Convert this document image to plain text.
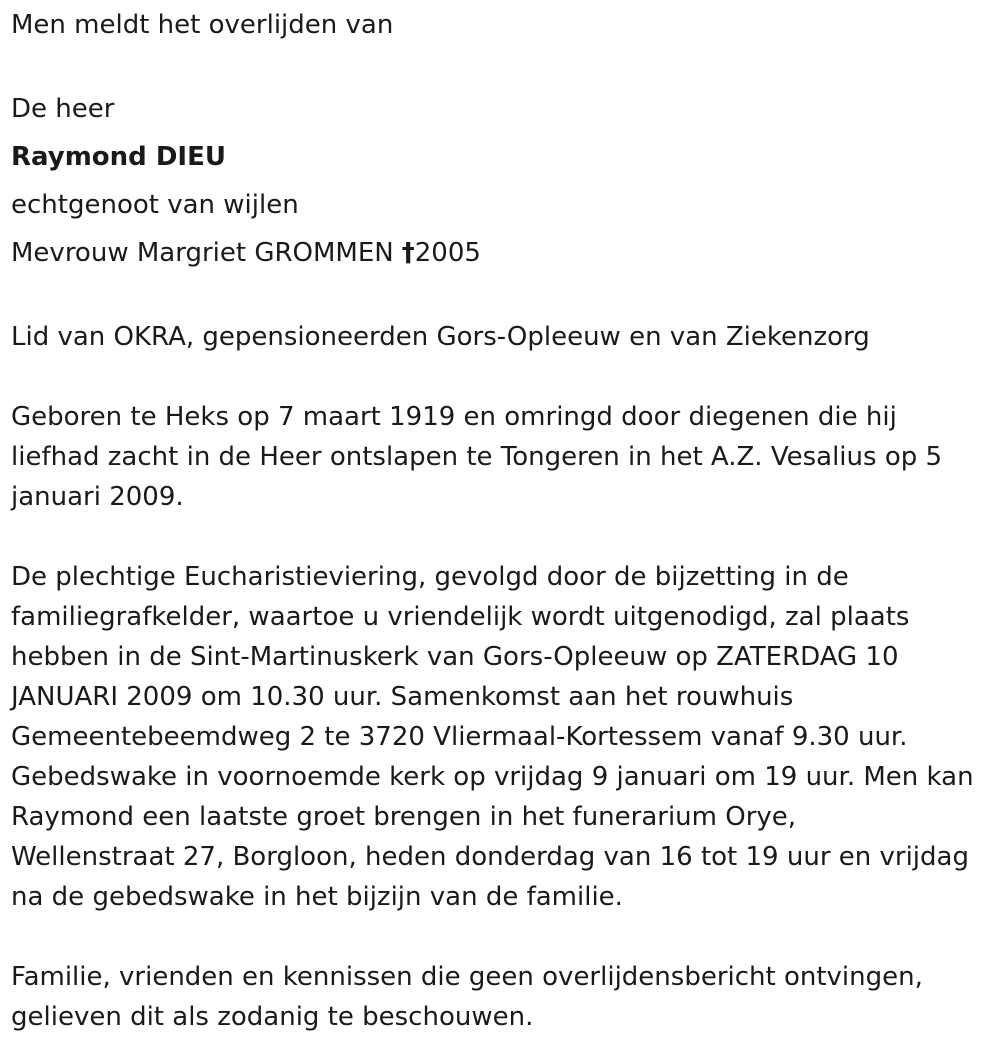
Men meldt het overlijden van

De heer

Raymond DIEU

echtgenoot van wijlen

Mevrouw Margriet GROMMEN †2005

Lid van OKRA, gepensioneerden Gors-Opleeuw en van Ziekenzorg

Geboren te Heks op 7 maart 1919 en omringd door diegenen die hij

liefhad zacht in de Heer ontslapen te Tongeren in het A.Z. Vesalius op 5

januari 2009.

De plechtige Eucharistieviering, gevolgd door de bijzetting in de

familiegrafkelder, waartoe u vriendelijk wordt uitgenodigd, zal plaats

hebben in de Sint-Martinuskerk van Gors-Opleeuw op ZATERDAG 10

JANUARI 2009 om 10.30 uur. Samenkomst aan het rouwhuis

Gemeentebeemdweg 2 te 3720 Vliermaal-Kortessem vanaf 9.30 uur.

Gebedswake in voornoemde kerk op vrijdag 9 januari om 19 uur. Men kan

Raymond een laatste groet brengen in het funerarium Orye,

Wellenstraat 27, Borgloon, heden donderdag van 16 tot 19 uur en vrijdag

na de gebedswake in het bijzijn van de familie.

Familie, vrienden en kennissen die geen overlijdensbericht ontvingen,

gelieven dit als zodanig te beschouwen.
